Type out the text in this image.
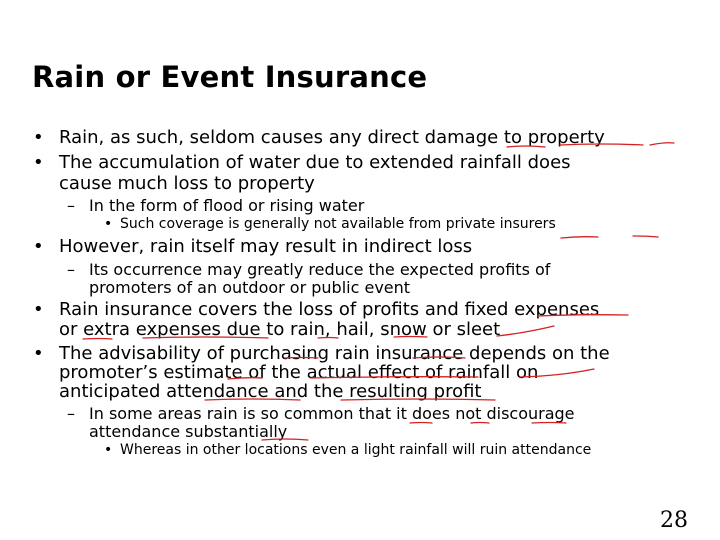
Rain or Event Insurance
• Rain, as such, seldom causes any direct damage to property
• The accumulation of water due to extended rainfall does
cause much loss to property
– In the form of flood or rising water
• Such coverage is generally not available from private insurers
• However, rain itself may result in indirect loss
– Its occurrence may greatly reduce the expected profits of
promoters of an outdoor or public event
• Rain insurance covers the loss of profits and fixed expenses
or extra expenses due to rain, hail, snow or sleet
• The advisability of purchasing rain insurance depends on the
promoter’s estimate of the actual effect of rainfall on
anticipated attendance and the resulting profit
– In some areas rain is so common that it does not discourage
attendance substantially
• Whereas in other locations even a light rainfall will ruin attendance
28
